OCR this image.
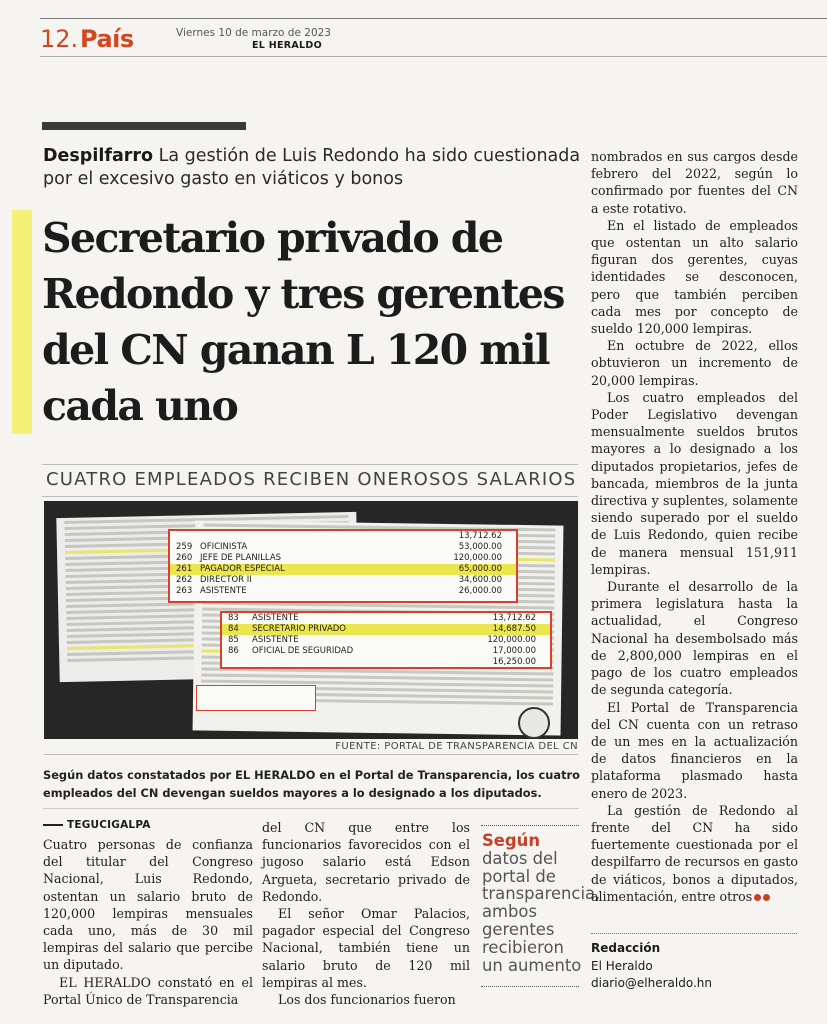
12. País	Viernes 10 de marzo de 2023
EL HERALDO
Despilfarro La gestión de Luis Redondo ha sido cuestionada por el excesivo gasto en viáticos y bonos
Secretario privado de Redondo y tres gerentes del CN ganan L 120 mil cada uno
CUATRO EMPLEADOS RECIBEN ONEROSOS SALARIOS
13,712.62
259 OFICINISTA	53,000.00
260 JEFE DE PLANILLAS	120,000.00
261 PAGADOR ESPECIAL	65,000.00
262 DIRECTOR II	34,600.00
263 ASISTENTE	26,000.00
83 ASISTENTE	13,712.62
84 SECRETARIO PRIVADO	14,687.50
85 ASISTENTE	120,000.00
86 OFICIAL DE SEGURIDAD	17,000.00
16,250.00
FUENTE: PORTAL DE TRANSPARENCIA DEL CN
Según datos constatados por EL HERALDO en el Portal de Transparencia, los cuatro empleados del CN devengan sueldos mayores a lo designado a los diputados.
TEGUCIGALPA

Cuatro personas de confianza del titular del Congreso Nacional, Luis Redondo, ostentan un salario bruto de 120,000 lempiras mensuales cada uno, más de 30 mil lempiras del salario que percibe un diputado.

EL HERALDO constató en el Portal Único de Transparencia

del CN que entre los funcionarios favorecidos con el jugoso salario está Edson Argueta, secretario privado de Redondo.

El señor Omar Palacios, pagador especial del Congreso Nacional, también tiene un salario bruto de 120 mil lempiras al mes.

Los dos funcionarios fueron

Según
datos del portal de transparencia, ambos gerentes recibieron un aumento

nombrados en sus cargos desde febrero del 2022, según lo confirmado por fuentes del CN a este rotativo.

En el listado de empleados que ostentan un alto salario figuran dos gerentes, cuyas identidades se desconocen, pero que también perciben cada mes por concepto de sueldo 120,000 lempiras.

En octubre de 2022, ellos obtuvieron un incremento de 20,000 lempiras.

Los cuatro empleados del Poder Legislativo devengan mensualmente sueldos brutos mayores a lo designado a los diputados propietarios, jefes de bancada, miembros de la junta directiva y suplentes, solamente siendo superado por el sueldo de Luis Redondo, quien recibe de manera mensual 151,911 lempiras.

Durante el desarrollo de la primera legislatura hasta la actualidad, el Congreso Nacional ha desembolsado más de 2,800,000 lempiras en el pago de los cuatro empleados de segunda categoría.

El Portal de Transparencia del CN cuenta con un retraso de un mes en la actualización de datos financieros en la plataforma plasmado hasta enero de 2023.

La gestión de Redondo al frente del CN ha sido fuertemente cuestionada por el despilfarro de recursos en gasto de viáticos, bonos a diputados, alimentación, entre otros

Redacción
El Heraldo
diario@elheraldo.hn
